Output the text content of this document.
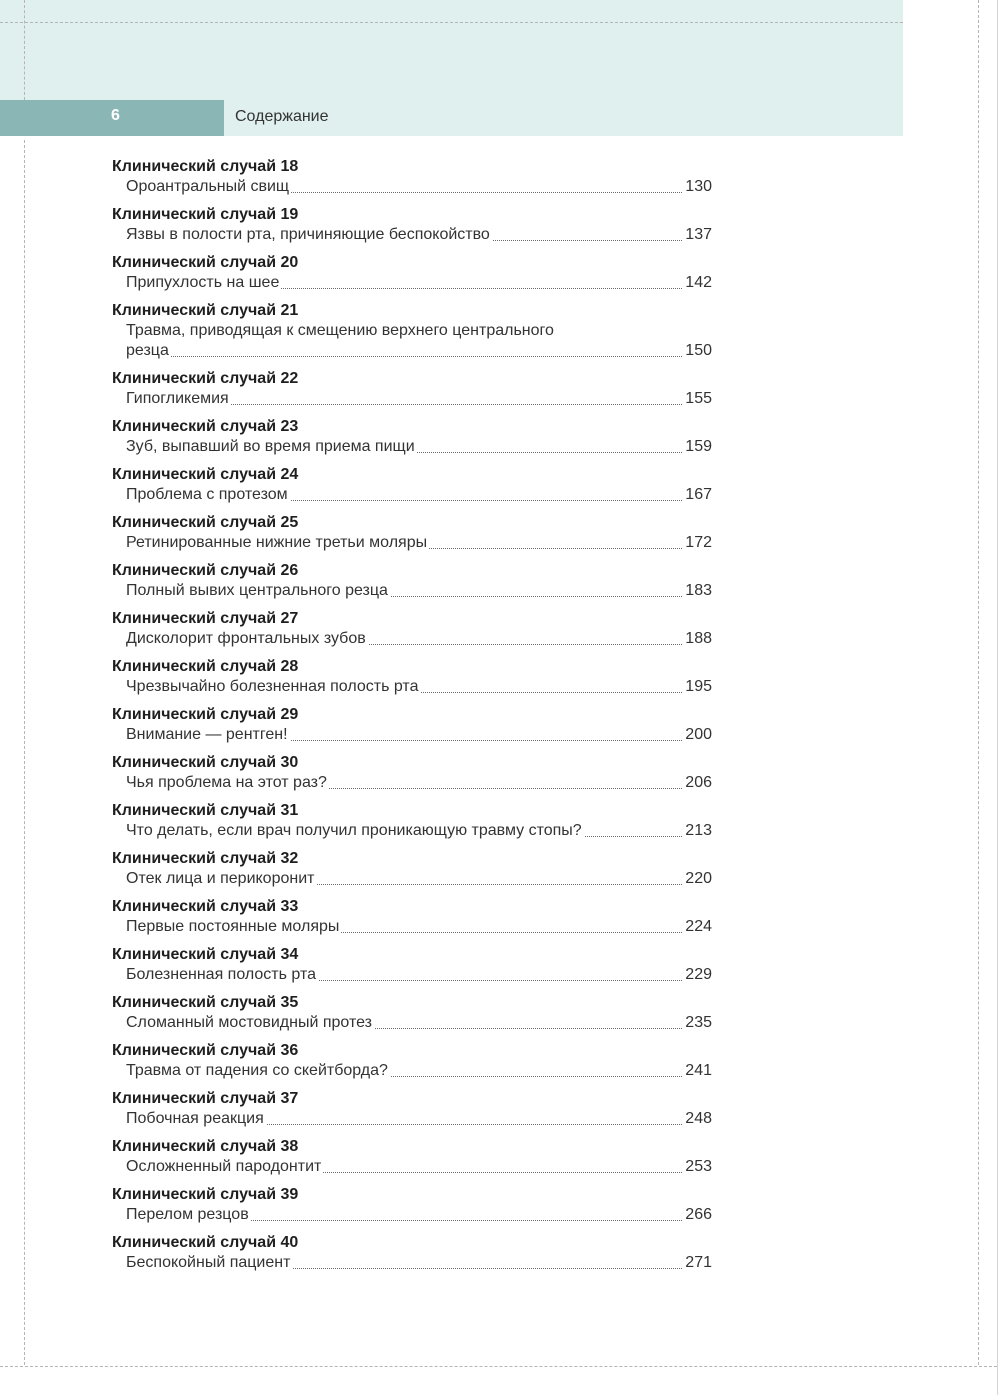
6	Содержание
Клинический случай 18
Ороантральный свищ	130
Клинический случай 19
Язвы в полости рта, причиняющие беспокойство	137
Клинический случай 20
Припухлость на шее	142
Клинический случай 21
Травма, приводящая к смещению верхнего центрального
резца	150
Клинический случай 22
Гипогликемия	155
Клинический случай 23
Зуб, выпавший во время приема пищи	159
Клинический случай 24
Проблема с протезом	167
Клинический случай 25
Ретинированные нижние третьи моляры	172
Клинический случай 26
Полный вывих центрального резца	183
Клинический случай 27
Дисколорит фронтальных зубов	188
Клинический случай 28
Чрезвычайно болезненная полость рта	195
Клинический случай 29
Внимание — рентген!	200
Клинический случай 30
Чья проблема на этот раз?	206
Клинический случай 31
Что делать, если врач получил проникающую травму стопы?	213
Клинический случай 32
Отек лица и перикоронит	220
Клинический случай 33
Первые постоянные моляры	224
Клинический случай 34
Болезненная полость рта	229
Клинический случай 35
Сломанный мостовидный протез	235
Клинический случай 36
Травма от падения со скейтборда?	241
Клинический случай 37
Побочная реакция	248
Клинический случай 38
Осложненный пародонтит	253
Клинический случай 39
Перелом резцов	266
Клинический случай 40
Беспокойный пациент	271
